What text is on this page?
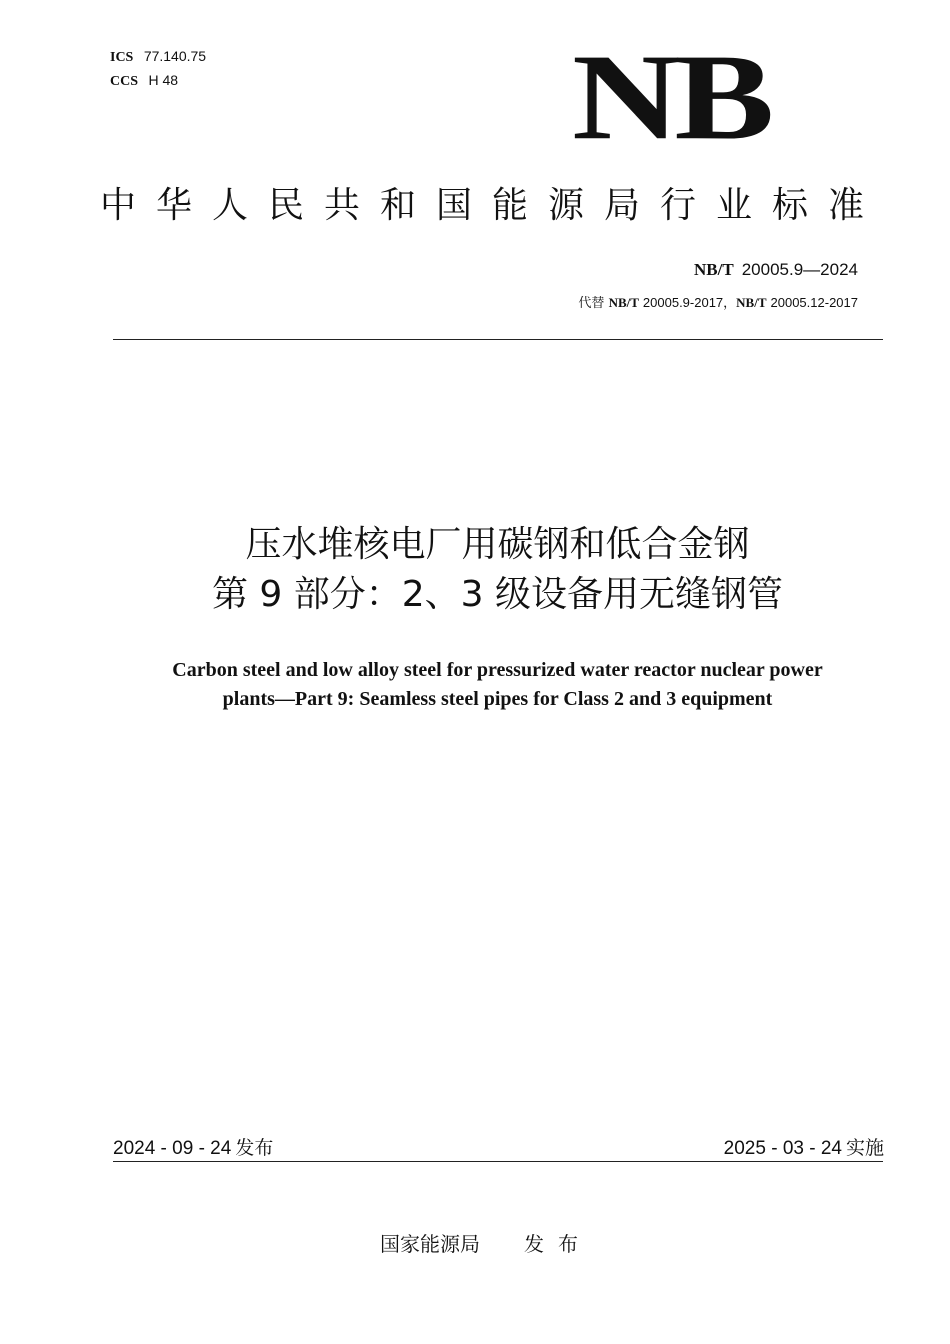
ICS 77.140.75
CCS H 48	NB
中华人民共和国能源局行业标准
NB/T 20005.9—2024
代替 NB/T 20005.9-2017，NB/T 20005.12-2017
压水堆核电厂用碳钢和低合金钢
第 9 部分：2、3 级设备用无缝钢管
Carbon steel and low alloy steel for pressurized water reactor nuclear power
plants—Part 9: Seamless steel pipes for Class 2 and 3 equipment
2024 - 09 - 24 发布	2025 - 03 - 24 实施
国家能源局 发布
